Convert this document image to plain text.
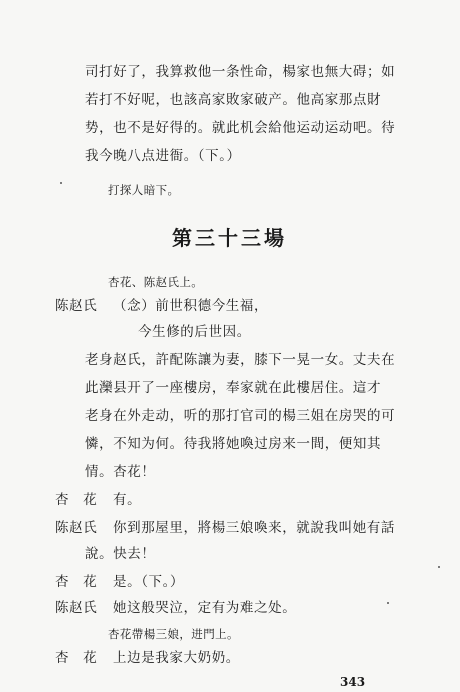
司打好了，我算救他一条性命，楊家也無大碍；如
若打不好呢，也該高家敗家破产。他高家那点財
势，也不是好得的。就此机会給他运动运动吧。待
我今晚八点进衙。（下。）
打探人暗下。
第三十三場
杏花、陈赵氏上。
陈赵氏 （念）前世积德今生福，
今生修的后世因。
老身赵氏，許配陈讓为妻，膝下一晃一女。丈夫在
此灤县开了一座樓房，奉家就在此樓居住。這才
老身在外走动，听的那打官司的楊三姐在房哭的可
憐，不知为何。待我將她喚过房来一間，便知其
情。杏花！
杏　花 有。
陈赵氏 你到那屋里，將楊三娘喚来，就說我叫她有話
說。快去！
杏　花 是。（下。）
陈赵氏 她这般哭泣，定有为难之处。
杏花帶楊三娘，进門上。
杏　花 上边是我家大奶奶。
343
